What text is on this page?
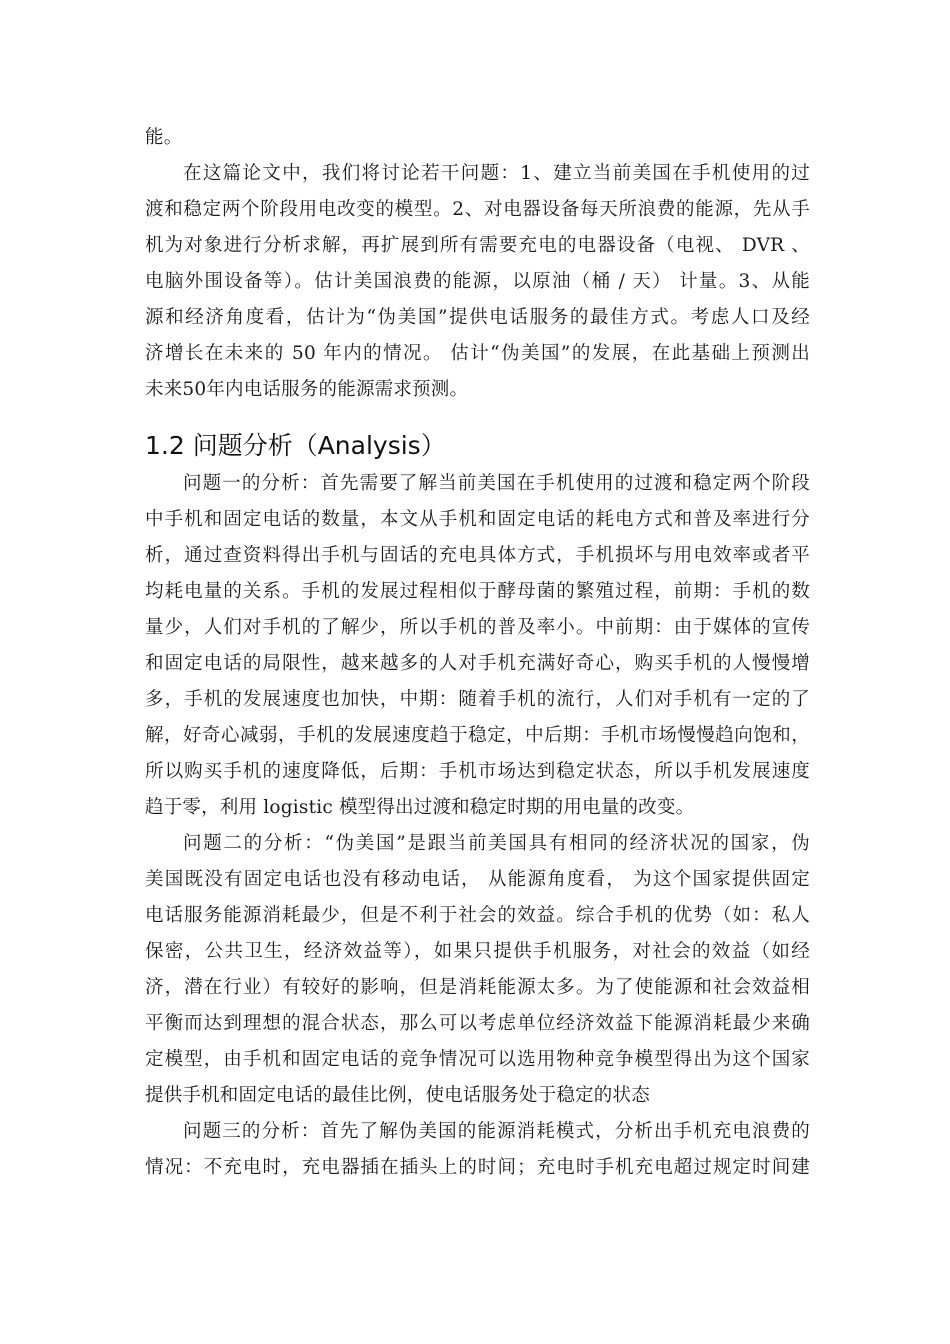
能。
在这篇论文中，我们将讨论若干问题：1、建立当前美国在手机使用的过
渡和稳定两个阶段用电改变的模型。2、对电器设备每天所浪费的能源，先从手
机为对象进行分析求解，再扩展到所有需要充电的电器设备（电视、 DVR 、
电脑外围设备等）。估计美国浪费的能源，以原油（桶 / 天） 计量。3、从能
源和经济角度看，估计为“伪美国”提供电话服务的最佳方式。考虑人口及经
济增长在未来的 50 年内的情况。 估计“伪美国”的发展，在此基础上预测出
未来50年内电话服务的能源需求预测。
1.2 问题分析（Analysis）
问题一的分析：首先需要了解当前美国在手机使用的过渡和稳定两个阶段
中手机和固定电话的数量，本文从手机和固定电话的耗电方式和普及率进行分
析，通过查资料得出手机与固话的充电具体方式，手机损坏与用电效率或者平
均耗电量的关系。手机的发展过程相似于酵母菌的繁殖过程，前期：手机的数
量少，人们对手机的了解少，所以手机的普及率小。中前期：由于媒体的宣传
和固定电话的局限性，越来越多的人对手机充满好奇心，购买手机的人慢慢增
多，手机的发展速度也加快，中期：随着手机的流行，人们对手机有一定的了
解，好奇心减弱，手机的发展速度趋于稳定，中后期：手机市场慢慢趋向饱和，
所以购买手机的速度降低，后期：手机市场达到稳定状态，所以手机发展速度
趋于零，利用 logistic 模型得出过渡和稳定时期的用电量的改变。
问题二的分析：“伪美国”是跟当前美国具有相同的经济状况的国家，伪
美国既没有固定电话也没有移动电话， 从能源角度看， 为这个国家提供固定
电话服务能源消耗最少，但是不利于社会的效益。综合手机的优势（如：私人
保密，公共卫生，经济效益等），如果只提供手机服务，对社会的效益（如经
济，潜在行业）有较好的影响，但是消耗能源太多。为了使能源和社会效益相
平衡而达到理想的混合状态，那么可以考虑单位经济效益下能源消耗最少来确
定模型，由手机和固定电话的竞争情况可以选用物种竞争模型得出为这个国家
提供手机和固定电话的最佳比例，使电话服务处于稳定的状态
问题三的分析：首先了解伪美国的能源消耗模式，分析出手机充电浪费的
情况：不充电时，充电器插在插头上的时间；充电时手机充电超过规定时间建
